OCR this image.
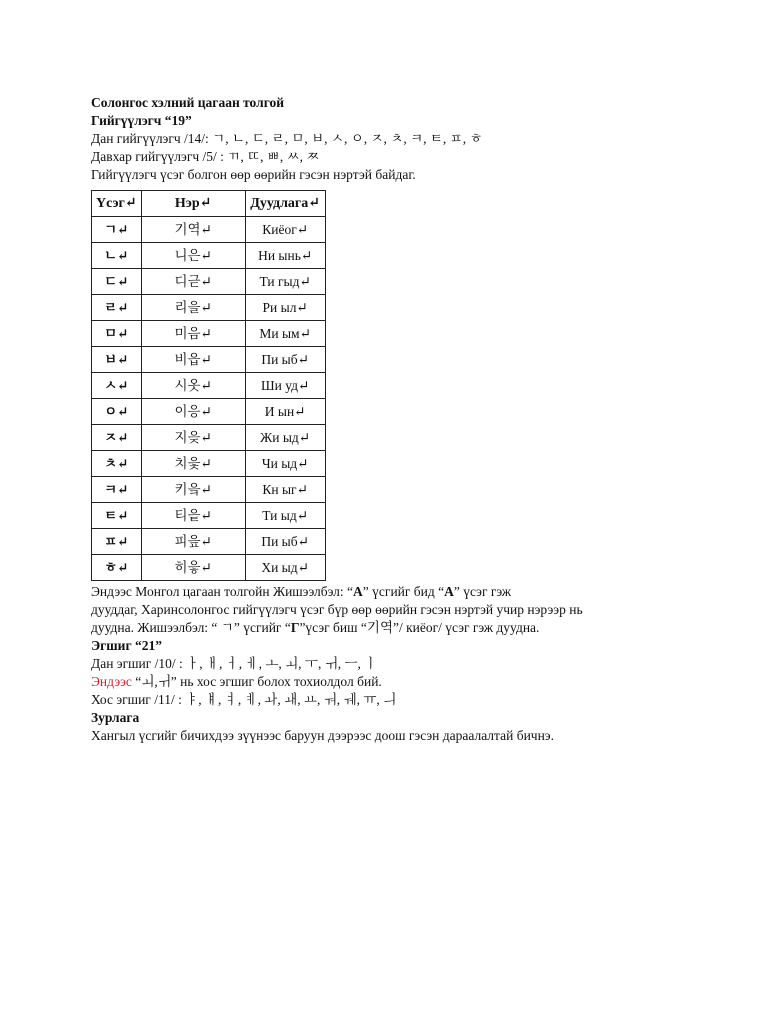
Солонгос хэлний цагаан толгой
Гийгүүлэгч “19”
Дан гийгүүлэгч /14/: ㄱ, ㄴ, ㄷ, ㄹ, ㅁ, ㅂ, ㅅ, ㅇ, ㅈ, ㅊ, ㅋ, ㅌ, ㅍ, ㅎ
Давхар гийгүүлэгч /5/ : ㄲ, ㄸ, ㅃ, ㅆ, ㅉ
Гийгүүлэгч үсэг болгон өөр өөрийн гэсэн нэртэй байдаг.
Үсэг↵	Нэр↵	Дуудлага↵
ㄱ↵	기역↵	Киёог↵
ㄴ↵	니은↵	Ни ынь↵
ㄷ↵	디귿↵	Ти гыд↵
ㄹ↵	리을↵	Ри ыл↵
ㅁ↵	미음↵	Ми ым↵
ㅂ↵	비읍↵	Пи ыб↵
ㅅ↵	시옷↵	Ши уд↵
ㅇ↵	이응↵	И ын↵
ㅈ↵	지읒↵	Жи ыд↵
ㅊ↵	치읓↵	Чи ыд↵
ㅋ↵	키읔↵	Кн ыг↵
ㅌ↵	티읕↵	Ти ыд↵
ㅍ↵	피읖↵	Пи ыб↵
ㅎ↵	히읗↵	Хи ыд↵
Эндээс Монгол цагаан толгойн Жишээлбэл: “А” үсгийг бид “А” үсэг гэж
дууддаг, Харинсолонгос гийгүүлэгч үсэг бүр өөр өөрийн гэсэн нэртэй учир нэрээр нь
дуудна. Жишээлбэл: “ ㄱ” үсгийг “Г”үсэг биш “기역”/ киёог/ үсэг гэж дуудна.
Эгшиг “21”
Дан эгшиг /10/ : ㅏ, ㅐ, ㅓ, ㅔ, ㅗ, ㅚ, ㅜ, ㅟ, ㅡ, ㅣ
Эндээс “ㅚ,ㅟ” нь хос эгшиг болох тохиолдол бий.
Хос эгшиг /11/ : ㅑ, ㅒ, ㅕ, ㅖ, ㅘ, ㅙ, ㅛ, ㅝ, ㅞ, ㅠ, ㅢ
Зурлага
Хангыл үсгийг бичихдээ зүүнээс баруун дээрээс доош гэсэн дараалалтай бичнэ.
